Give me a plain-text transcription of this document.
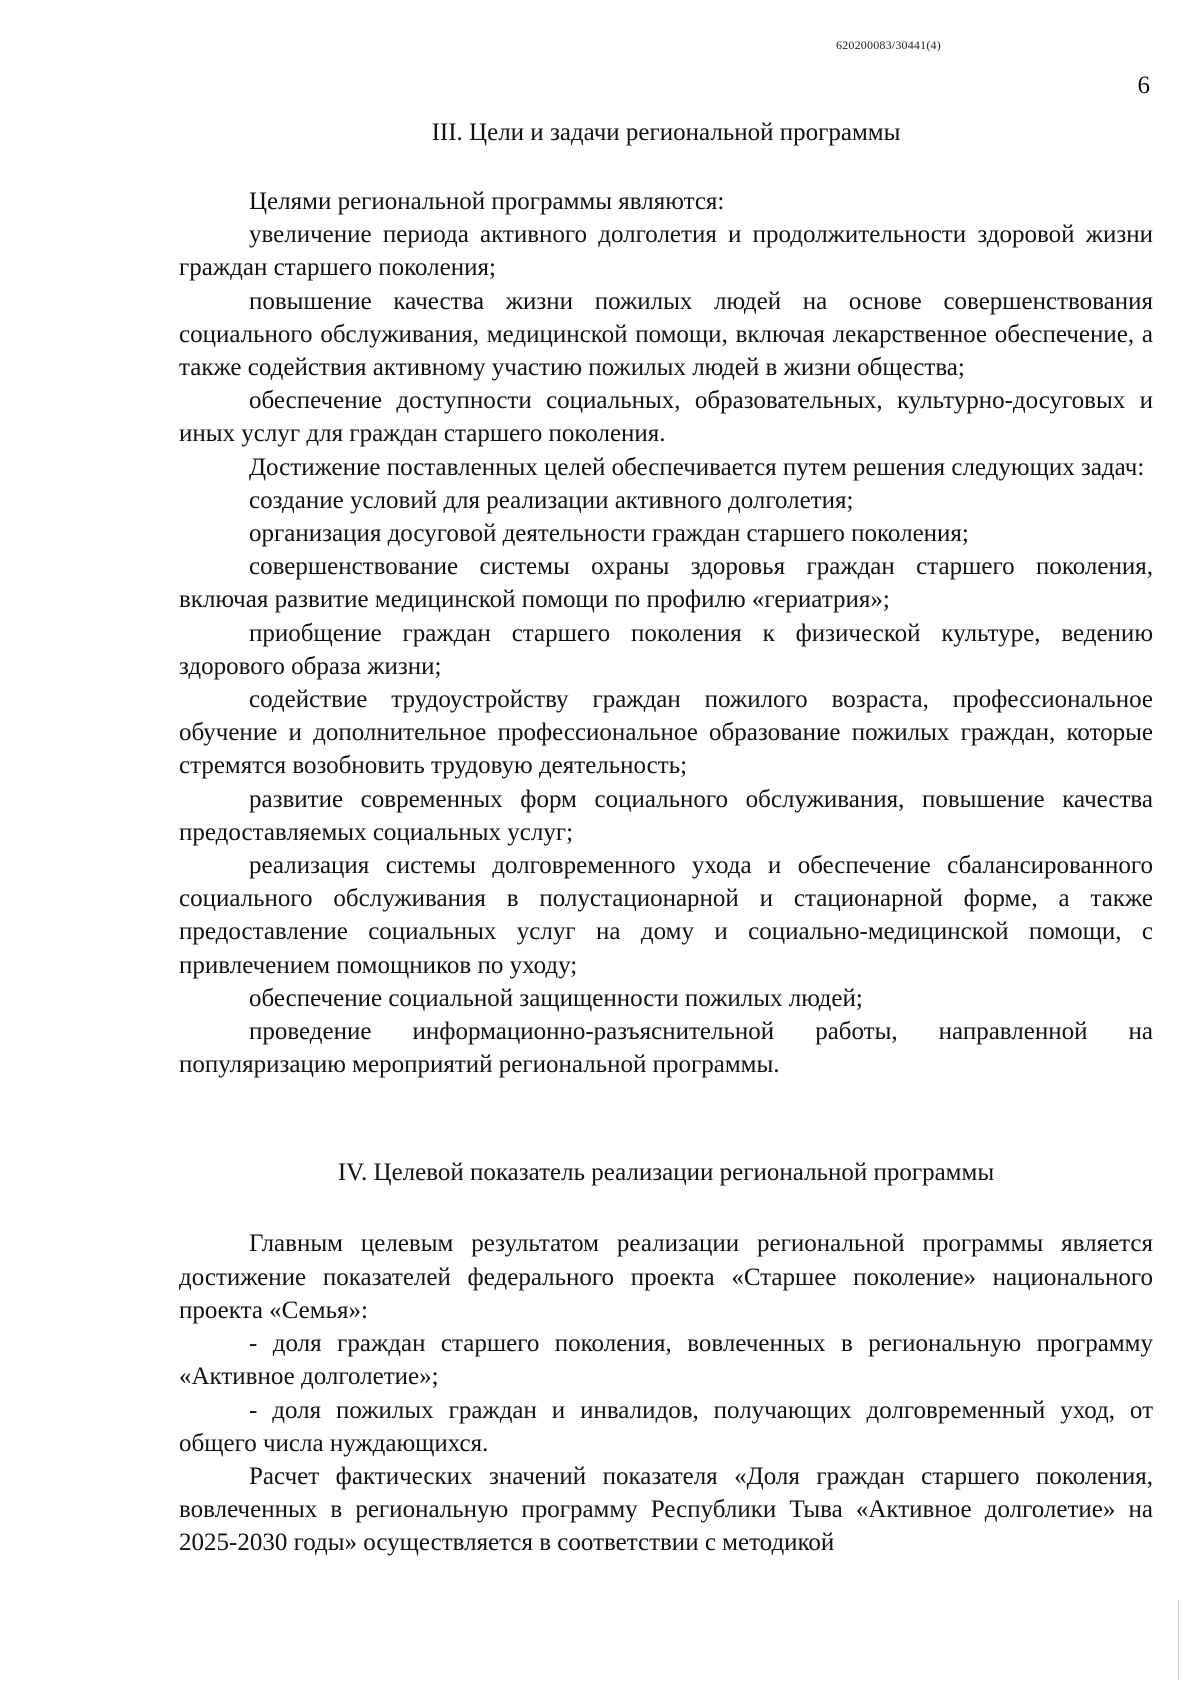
620200083/30441(4)
6
III. Цели и задачи региональной программы

Целями региональной программы являются:

увеличение периода активного долголетия и продолжительности здоровой жизни граждан старшего поколения;

повышение качества жизни пожилых людей на основе совершенствования социального обслуживания, медицинской помощи, включая лекарственное обеспечение, а также содействия активному участию пожилых людей в жизни общества;

обеспечение доступности социальных, образовательных, культурно-досуговых и иных услуг для граждан старшего поколения.

Достижение поставленных целей обеспечивается путем решения следующих задач:

создание условий для реализации активного долголетия;

организация досуговой деятельности граждан старшего поколения;

совершенствование системы охраны здоровья граждан старшего поколения, включая развитие медицинской помощи по профилю «гериатрия»;

приобщение граждан старшего поколения к физической культуре, ведению здорового образа жизни;

содействие трудоустройству граждан пожилого возраста, профессиональное обучение и дополнительное профессиональное образование пожилых граждан, которые стремятся возобновить трудовую деятельность;

развитие современных форм социального обслуживания, повышение качества предоставляемых социальных услуг;

реализация системы долговременного ухода и обеспечение сбалансированного социального обслуживания в полустационарной и стационарной форме, а также предоставление социальных услуг на дому и социально-медицинской помощи, с привлечением помощников по уходу;

обеспечение социальной защищенности пожилых людей;

проведение информационно-разъяснительной работы, направленной на популяризацию мероприятий региональной программы.

IV. Целевой показатель реализации региональной программы

Главным целевым результатом реализации региональной программы является достижение показателей федерального проекта «Старшее поколение» национального проекта «Семья»:

- доля граждан старшего поколения, вовлеченных в региональную программу «Активное долголетие»;

- доля пожилых граждан и инвалидов, получающих долговременный уход, от общего числа нуждающихся.

Расчет фактических значений показателя «Доля граждан старшего поколения, вовлеченных в региональную программу Республики Тыва «Активное долголетие» на 2025-2030 годы» осуществляется в соответствии с методикой
